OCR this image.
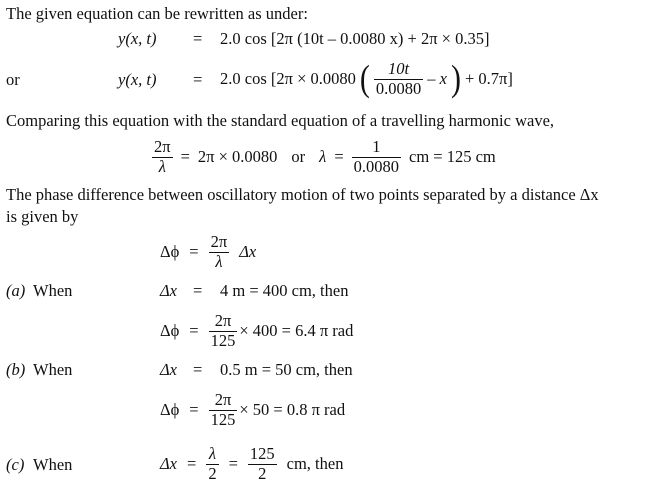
The given equation can be rewritten as under:
y(x, t) = 2.0 cos [2π (10t – 0.0080 x) + 2π × 0.35]
or	y(x, t) = 2.0 cos [2π × 0.0080 ( $\frac{10t}{0.0080}$ – x ) + 0.7π]
Comparing this equation with the standard equation of a travelling harmonic wave,
$\frac{2\pi}{\lambda} = 2\pi \times 0.0080$ or $\lambda = \frac{1}{0.0080}$ cm = 125 cm
The phase difference between oscillatory motion of two points separated by a distance Δx
is given by
$\Delta\phi = \frac{2\pi}{\lambda}$ Δx
(a) When	Δx = 4 m = 400 cm, then
$\Delta\phi = \frac{2\pi}{125} \times 400 = 6.4$ π rad
(b) When	Δx = 0.5 m = 50 cm, then
$\Delta\phi = \frac{2\pi}{125} \times 50 = 0.8$ π rad
(c) When	$\Delta x = \frac{\lambda}{2} = \frac{125}{2}$ cm, then
